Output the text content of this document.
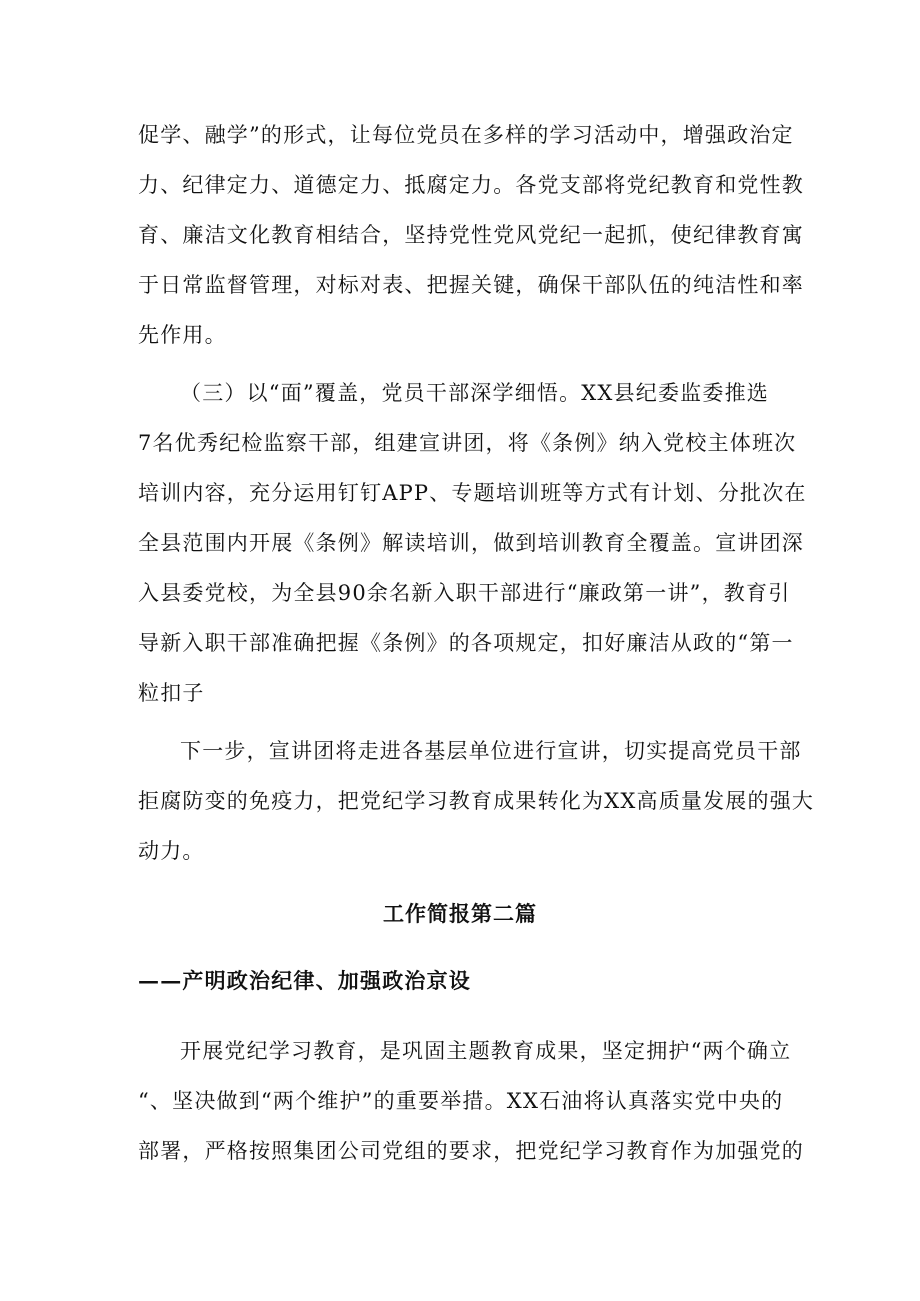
促学、融学”的形式，让每位党员在多样的学习活动中，增强政治定
力、纪律定力、道德定力、抵腐定力。各党支部将党纪教育和党性教
育、廉洁文化教育相结合，坚持党性党风党纪一起抓，使纪律教育寓
于日常监督管理，对标对表、把握关键，确保干部队伍的纯洁性和率
先作用。
（三）以“面”覆盖，党员干部深学细悟。XX县纪委监委推选
7名优秀纪检监察干部，组建宣讲团，将《条例》纳入党校主体班次
培训内容，充分运用钉钉APP、专题培训班等方式有计划、分批次在
全县范围内开展《条例》解读培训，做到培训教育全覆盖。宣讲团深
入县委党校，为全县90余名新入职干部进行“廉政第一讲”，教育引
导新入职干部准确把握《条例》的各项规定，扣好廉洁从政的“第一
粒扣子
下一步，宣讲团将走进各基层单位进行宣讲，切实提高党员干部
拒腐防变的免疫力，把党纪学习教育成果转化为XX高质量发展的强大
动力。
工作简报第二篇
——产明政治纪律、加强政治京设
开展党纪学习教育，是巩固主题教育成果，坚定拥护“两个确立
“、坚决做到“两个维护”的重要举措。XX石油将认真落实党中央的
部署，严格按照集团公司党组的要求，把党纪学习教育作为加强党的
